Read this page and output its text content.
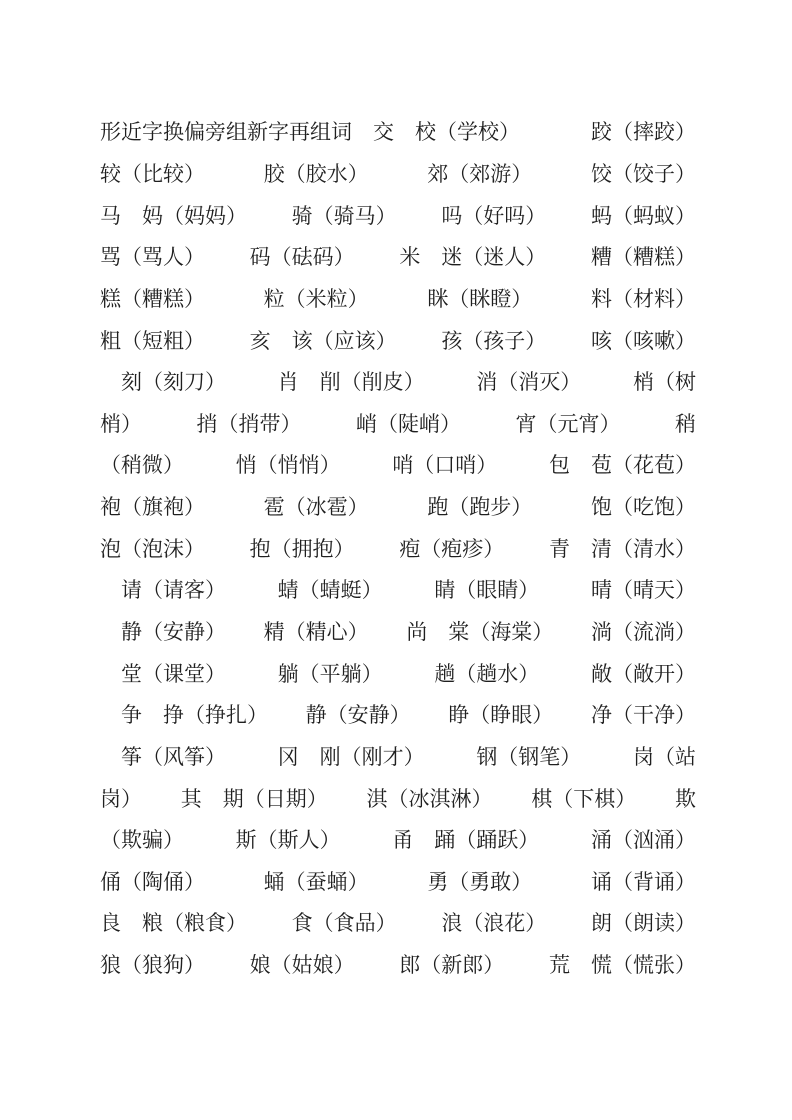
形近字换偏旁组新字再组词　交　校（学校）	跤（摔跤）
较（比较）	胶（胶水）	郊（郊游）	饺（饺子）
马　妈（妈妈） 骑（骑马） 吗（好吗） 蚂（蚂蚁）
骂（骂人） 码（砝码） 米　迷（迷人） 糟（糟糕）
糕（糟糕）	粒（米粒）	眯（眯瞪）	料（材料）
粗（短粗） 亥　该（应该） 孩（孩子） 咳（咳嗽）
　刻（刻刀） 肖　削（削皮） 消（消灭） 梢（树
梢）	捎（捎带）	峭（陡峭）	宵（元宵）	稍
（稍微） 悄（悄悄） 哨（口哨） 包　苞（花苞）
袍（旗袍）	雹（冰雹）	跑（跑步）	饱（吃饱）
泡（泡沫） 抱（拥抱） 疱（疱疹） 青　清（清水）
　请（请客） 蜻（蜻蜓） 睛（眼睛） 晴（晴天）
　静（安静） 精（精心） 尚　棠（海棠） 淌（流淌）
　堂（课堂） 躺（平躺） 趟（趟水） 敞（敞开）
　争　挣（挣扎） 静（安静） 睁（睁眼） 净（干净）
　筝（风筝） 冈　刚（刚才） 钢（钢笔） 岗（站
岗） 其　期（日期） 淇（冰淇淋） 棋（下棋） 欺
（欺骗） 斯（斯人） 甬　踊（踊跃） 涌（汹涌）
俑（陶俑）	蛹（蚕蛹）	勇（勇敢）	诵（背诵）
良　粮（粮食） 食（食品） 浪（浪花） 朗（朗读）
狼（狼狗） 娘（姑娘） 郎（新郎） 荒　慌（慌张）
